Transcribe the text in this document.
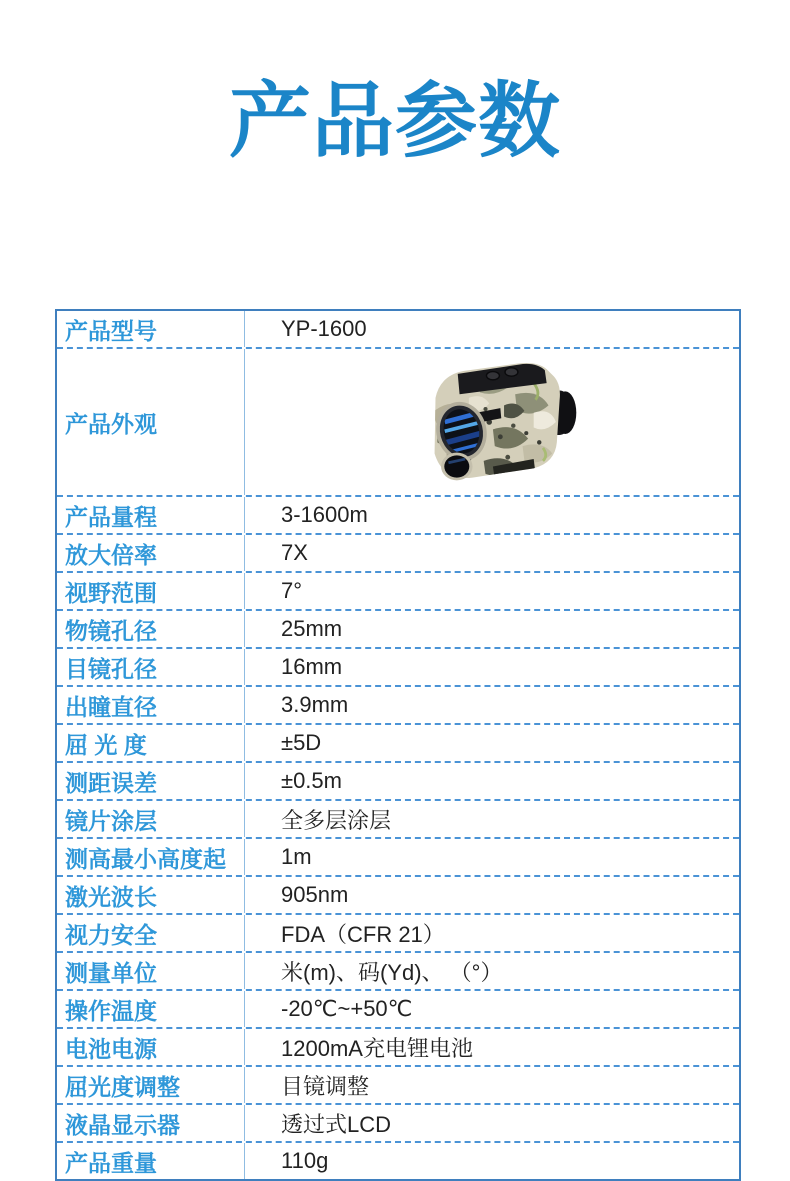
产品参数
产品型号	YP-1600
产品外观
产品量程	3-1600m
放大倍率	7X
视野范围	7°
物镜孔径	25mm
目镜孔径	16mm
出瞳直径	3.9mm
屈 光 度	±5D
测距误差	±0.5m
镜片涂层	全多层涂层
测高最小高度起	1m
激光波长	905nm
视力安全	FDA（CFR 21）
测量单位	米(m)、码(Yd)、 （°）
操作温度	-20℃~+50℃
电池电源	1200mA充电锂电池
屈光度调整	目镜调整
液晶显示器	透过式LCD
产品重量	110g
